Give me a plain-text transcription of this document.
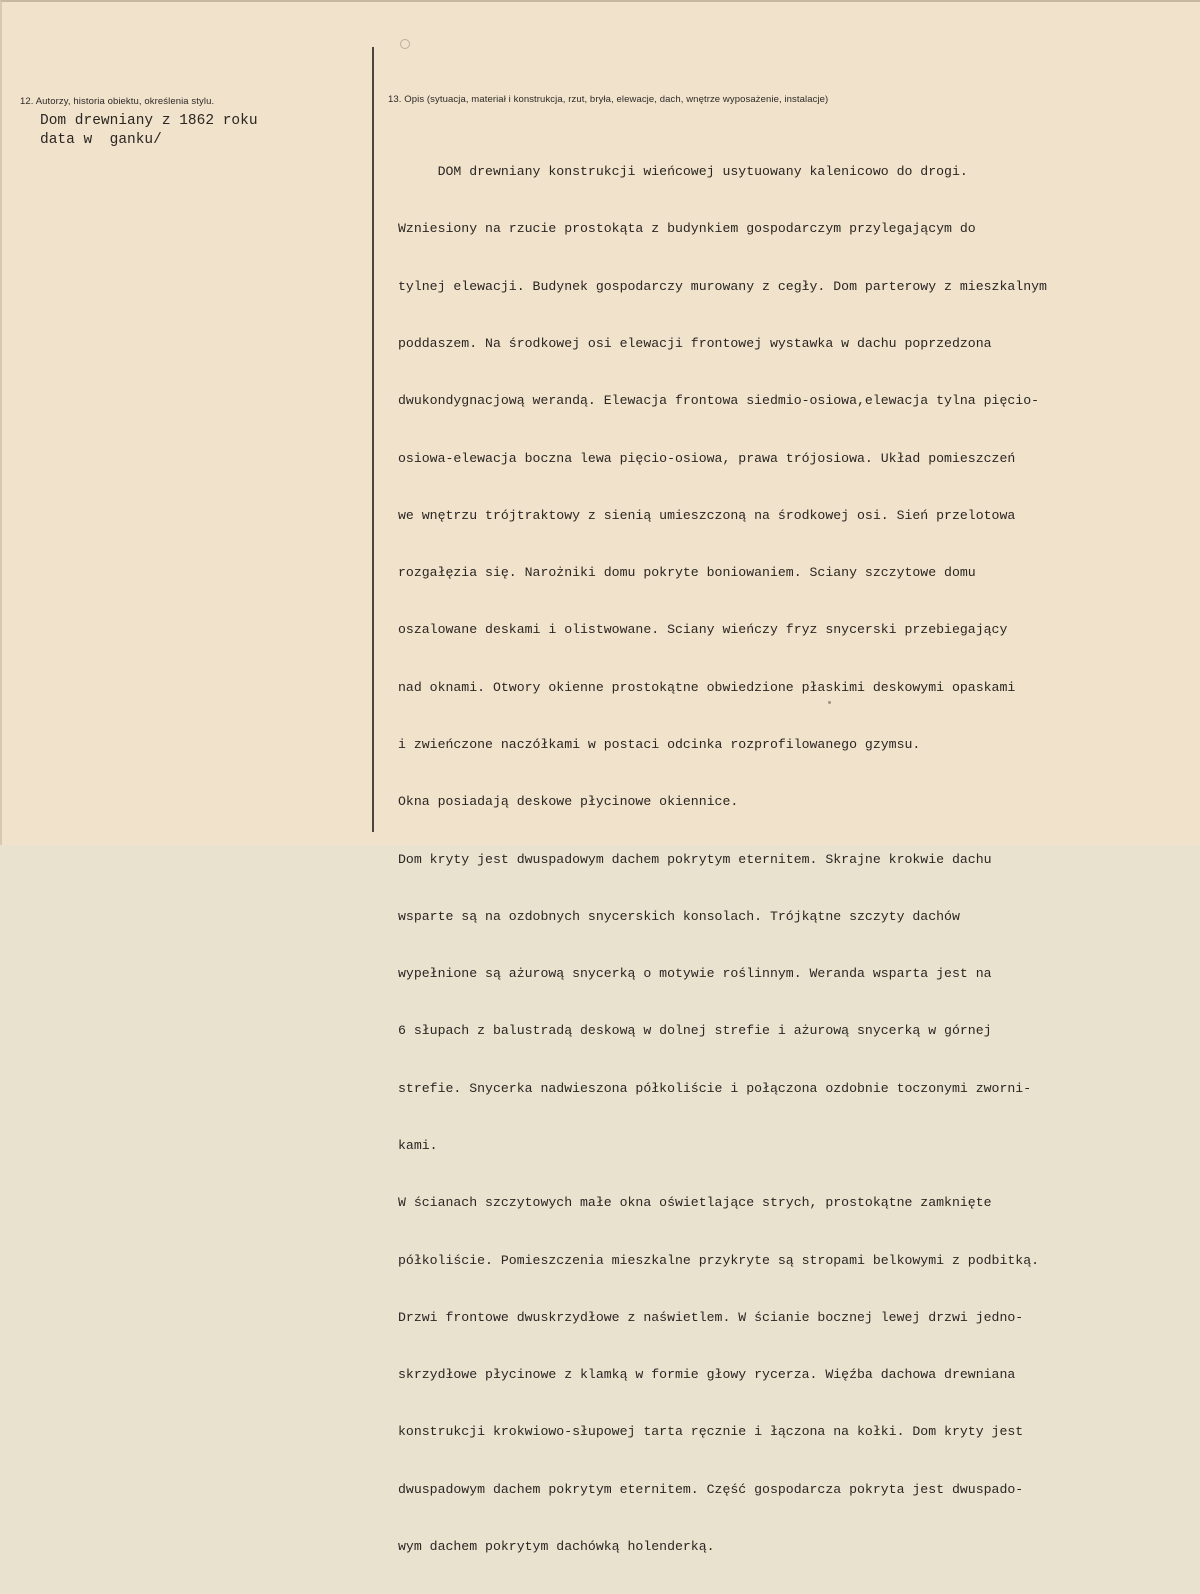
12. Autorzy, historia obiektu, określenia stylu.
Dom drewniany z 1862 roku
data w  ganku/
13. Opis (sytuacja, materiał i konstrukcja, rzut, bryła, elewacje, dach, wnętrze wyposażenie, instalacje)

DOM drewniany konstrukcji wieńcowej usytuowany kalenicowo do drogi.

Wzniesiony na rzucie prostokąta z budynkiem gospodarczym przylegającym do

tylnej elewacji. Budynek gospodarczy murowany z cegły. Dom parterowy z mieszkalnym

poddaszem. Na środkowej osi elewacji frontowej wystawka w dachu poprzedzona

dwukondygnacjową werandą. Elewacja frontowa siedmio-osiowa,elewacja tylna pięcio-

osiowa-elewacja boczna lewa pięcio-osiowa, prawa trójosiowa. Układ pomieszczeń

we wnętrzu trójtraktowy z sienią umieszczoną na środkowej osi. Sień przelotowa

rozgałęzia się. Narożniki domu pokryte boniowaniem. Sciany szczytowe domu

oszalowane deskami i olistwowane. Sciany wieńczy fryz snycerski przebiegający

nad oknami. Otwory okienne prostokątne obwiedzione płaskimi deskowymi opaskami

i zwieńczone naczółkami w postaci odcinka rozprofilowanego gzymsu.

Okna posiadają deskowe płycinowe okiennice.

Dom kryty jest dwuspadowym dachem pokrytym eternitem. Skrajne krokwie dachu

wsparte są na ozdobnych snycerskich konsolach. Trójkątne szczyty dachów

wypełnione są ażurową snycerką o motywie roślinnym. Weranda wsparta jest na

6 słupach z balustradą deskową w dolnej strefie i ażurową snycerką w górnej

strefie. Snycerka nadwieszona półkoliście i połączona ozdobnie toczonymi zworni-

kami.

W ścianach szczytowych małe okna oświetlające strych, prostokątne zamknięte

półkoliście. Pomieszczenia mieszkalne przykryte są stropami belkowymi z podbitką.

Drzwi frontowe dwuskrzydłowe z naświetlem. W ścianie bocznej lewej drzwi jedno-

skrzydłowe płycinowe z klamką w formie głowy rycerza. Więźba dachowa drewniana

konstrukcji krokwiowo-słupowej tarta ręcznie i łączona na kołki. Dom kryty jest

dwuspadowym dachem pokrytym eternitem. Część gospodarcza pokryta jest dwuspado-

wym dachem pokrytym dachówką holenderką.
